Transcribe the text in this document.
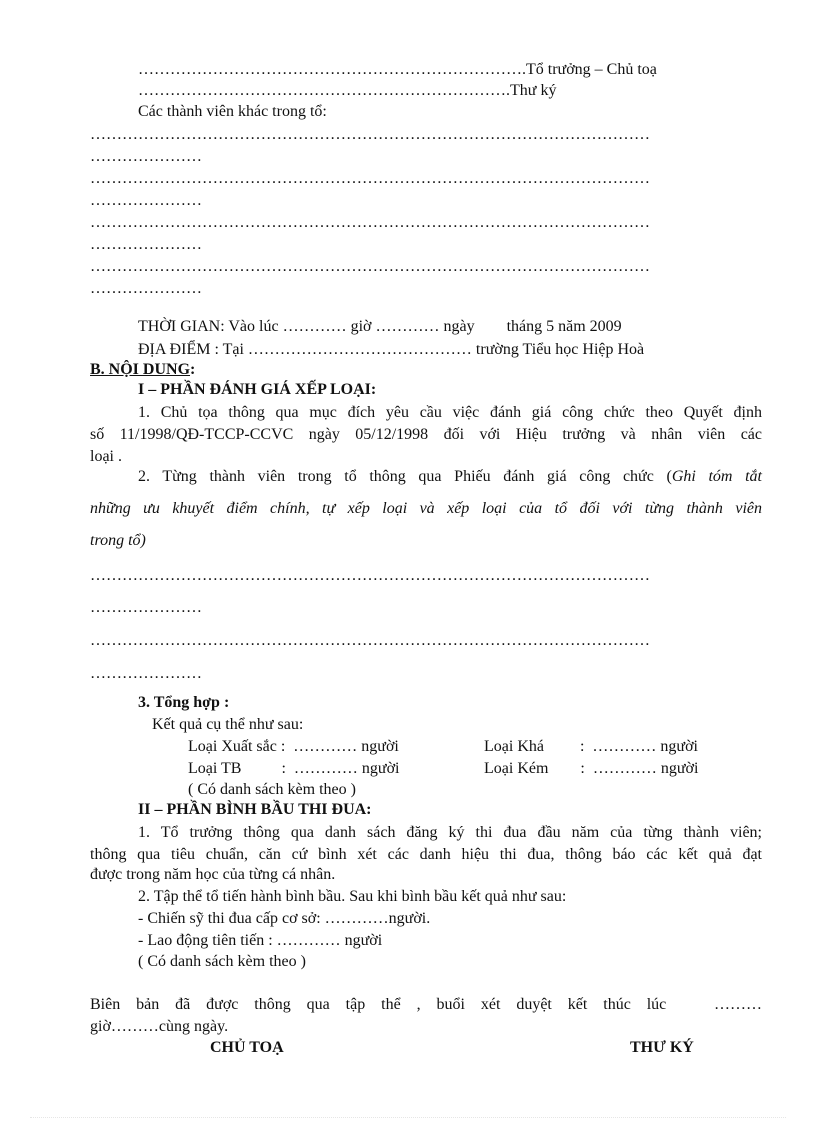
……………………………………………………………….Tổ trưởng – Chủ toạ
…………………………………………………………….Thư ký
Các thành viên khác trong tổ:
……………………………………………………………………………………………
…………………
……………………………………………………………………………………………
…………………
……………………………………………………………………………………………
…………………
……………………………………………………………………………………………
…………………
THỜI GIAN: Vào lúc ………… giờ ………… ngày        tháng 5 năm 2009
ĐỊA ĐIỂM : Tại …………………………………… trường Tiểu học Hiệp Hoà
B. NỘI DUNG:
I – PHẦN ĐÁNH GIÁ XẾP LOẠI:
1. Chủ tọa thông qua mục đích yêu cầu việc đánh giá công chức theo Quyết định
số 11/1998/QĐ-TCCP-CCVC ngày 05/12/1998 đối với Hiệu trưởng và nhân viên các
loại .
2. Từng thành viên trong tổ thông qua Phiếu đánh giá công chức (Ghi tóm tắt
những ưu khuyết điểm chính, tự xếp loại và xếp loại của tổ đối với từng thành viên
trong tổ)
……………………………………………………………………………………………
…………………
……………………………………………………………………………………………
…………………
3. Tổng hợp :
Kết quả cụ thể như sau:
Loại Xuất sắc :  ………… người	Loại Khá         :  ………… người
Loại TB          :  ………… người	Loại Kém        :  ………… người
( Có danh sách kèm theo )
II – PHẦN BÌNH BẦU THI ĐUA:
1. Tổ trưởng thông qua danh sách đăng ký thi đua đầu năm của từng thành viên;
thông qua tiêu chuẩn, căn cứ bình xét các danh hiệu thi đua, thông báo các kết quả đạt
được trong năm học của từng cá nhân.
2. Tập thể tổ tiến hành bình bầu. Sau khi bình bầu kết quả như sau:
- Chiến sỹ thi đua cấp cơ sở: …………người.
- Lao động tiên tiến : ………… người
( Có danh sách kèm theo )
Biên bản đã được thông qua tập thể , buổi xét duyệt kết thúc lúc   ………
giờ………cùng ngày.
CHỦ TOẠ	THƯ KÝ
